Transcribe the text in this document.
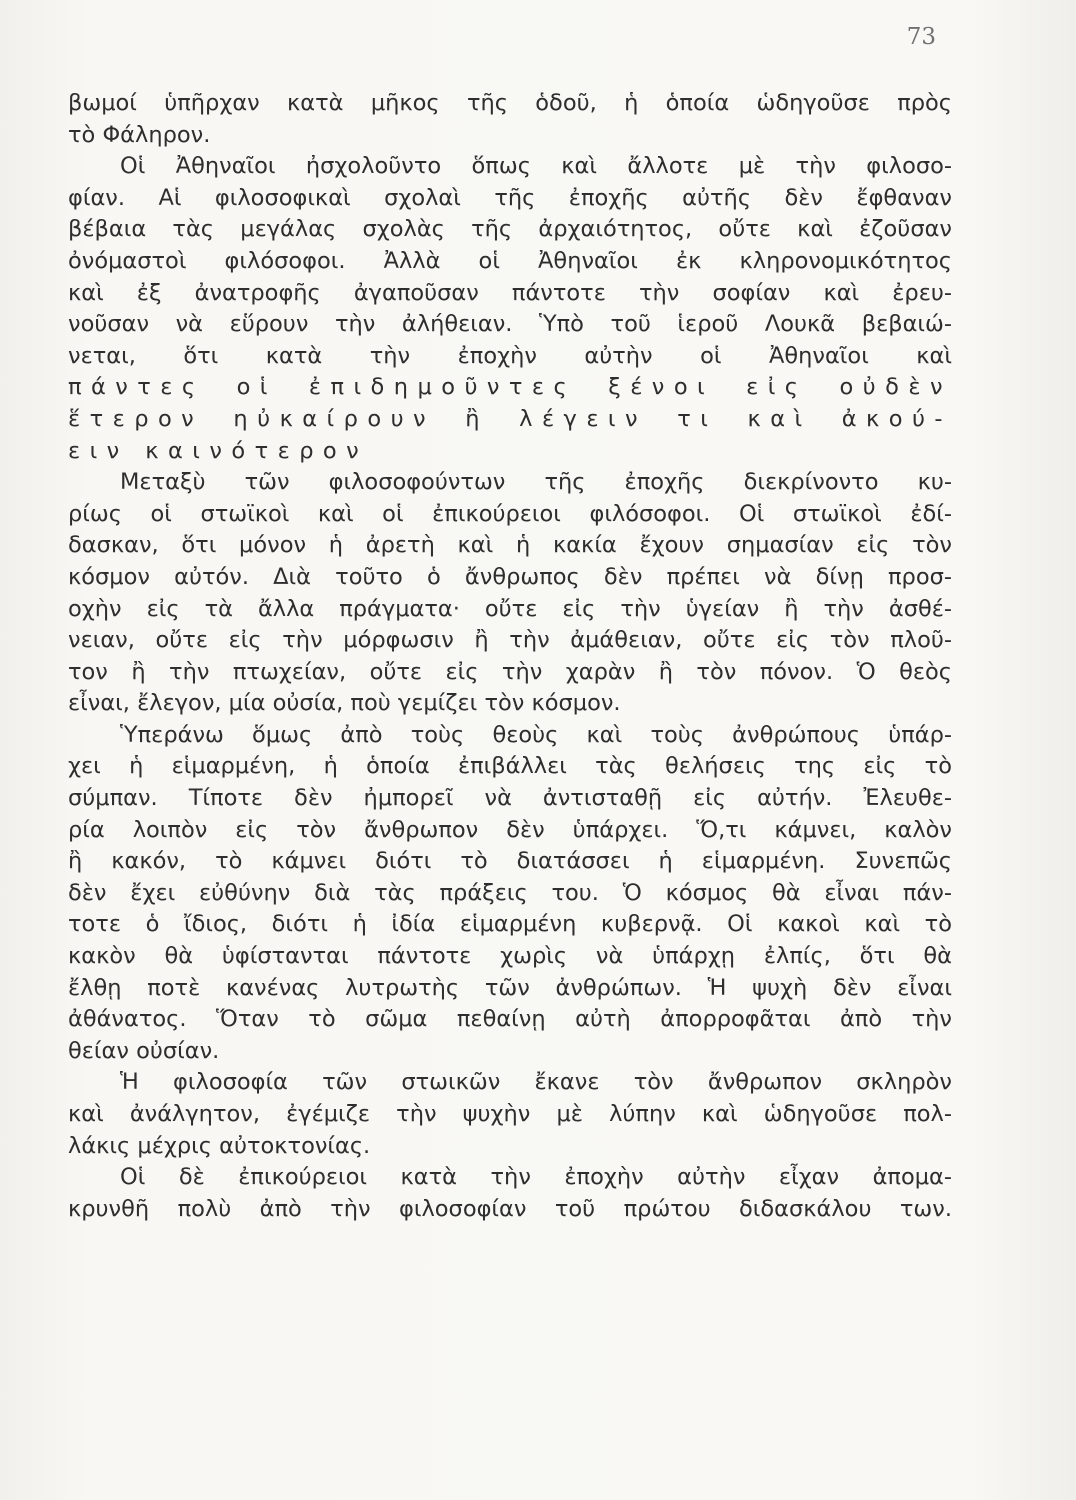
73
βωμοί ὑπῆρχαν κατὰ μῆκος τῆς ὁδοῦ, ἡ ὁποία ὡδηγοῦσε πρὸς
τὸ Φάληρον.
Οἱ Ἀθηναῖοι ἠσχολοῦντο ὅπως καὶ ἄλλοτε μὲ τὴν φιλοσο-
φίαν. Αἱ φιλοσοφικαὶ σχολαὶ τῆς ἐποχῆς αὐτῆς δὲν ἔφθαναν
βέβαια τὰς μεγάλας σχολὰς τῆς ἀρχαιότητος, οὔτε καὶ ἐζοῦσαν
ὀνόμαστοὶ φιλόσοφοι. Ἀλλὰ οἱ Ἀθηναῖοι ἐκ κληρονομικότητος
καὶ ἐξ ἀνατροφῆς ἀγαποῦσαν πάντοτε τὴν σοφίαν καὶ ἐρευ-
νοῦσαν νὰ εὕρουν τὴν ἀλήθειαν. Ὑπὸ τοῦ ἱεροῦ Λουκᾶ βεβαιώ-
νεται, ὅτι κατὰ τὴν ἐποχὴν αὐτὴν οἱ Ἀθηναῖοι καὶ
πάντες οἱ ἐπιδημοῦντες ξένοι εἰς οὐδὲν
ἕτερον ηὐκαίρουν ἢ λέγειν τι καὶ ἀκού-
ειν καινότερον
Μεταξὺ τῶν φιλοσοφούντων τῆς ἐποχῆς διεκρίνοντο κυ-
ρίως οἱ στωϊκοὶ καὶ οἱ ἐπικούρειοι φιλόσοφοι. Οἱ στωϊκοὶ ἐδί-
δασκαν, ὅτι μόνον ἡ ἀρετὴ καὶ ἡ κακία ἔχουν σημασίαν εἰς τὸν
κόσμον αὐτόν. Διὰ τοῦτο ὁ ἄνθρωπος δὲν πρέπει νὰ δίνῃ προσ-
οχὴν εἰς τὰ ἄλλα πράγματα· οὔτε εἰς τὴν ὑγείαν ἢ τὴν ἀσθέ-
νειαν, οὔτε εἰς τὴν μόρφωσιν ἢ τὴν ἀμάθειαν, οὔτε εἰς τὸν πλοῦ-
τον ἢ τὴν πτωχείαν, οὔτε εἰς τὴν χαρὰν ἢ τὸν πόνον. Ὁ θεὸς
εἶναι, ἔλεγον, μία οὐσία, ποὺ γεμίζει τὸν κόσμον.
Ὑπεράνω ὅμως ἀπὸ τοὺς θεοὺς καὶ τοὺς ἀνθρώπους ὑπάρ-
χει ἡ εἱμαρμένη, ἡ ὁποία ἐπιβάλλει τὰς θελήσεις της εἰς τὸ
σύμπαν. Τίποτε δὲν ἠμπορεῖ νὰ ἀντισταθῇ εἰς αὐτήν. Ἐλευθε-
ρία λοιπὸν εἰς τὸν ἄνθρωπον δὲν ὑπάρχει. Ὅ,τι κάμνει, καλὸν
ἢ κακόν, τὸ κάμνει διότι τὸ διατάσσει ἡ εἱμαρμένη. Συνεπῶς
δὲν ἔχει εὐθύνην διὰ τὰς πράξεις του. Ὁ κόσμος θὰ εἶναι πάν-
τοτε ὁ ἴδιος, διότι ἡ ἰδία εἱμαρμένη κυβερνᾷ. Οἱ κακοὶ καὶ τὸ
κακὸν θὰ ὑφίστανται πάντοτε χωρὶς νὰ ὑπάρχῃ ἐλπίς, ὅτι θὰ
ἔλθῃ ποτὲ κανένας λυτρωτὴς τῶν ἀνθρώπων. Ἡ ψυχὴ δὲν εἶναι
ἀθάνατος. Ὅταν τὸ σῶμα πεθαίνῃ αὐτὴ ἀπορροφᾶται ἀπὸ τὴν
θείαν οὐσίαν.
Ἡ φιλοσοφία τῶν στωικῶν ἔκανε τὸν ἄνθρωπον σκληρὸν
καὶ ἀνάλγητον, ἐγέμιζε τὴν ψυχὴν μὲ λύπην καὶ ὡδηγοῦσε πολ-
λάκις μέχρις αὐτοκτονίας.
Οἱ δὲ ἐπικούρειοι κατὰ τὴν ἐποχὴν αὐτὴν εἶχαν ἀπομα-
κρυνθῆ πολὺ ἀπὸ τὴν φιλοσοφίαν τοῦ πρώτου διδασκάλου των.
